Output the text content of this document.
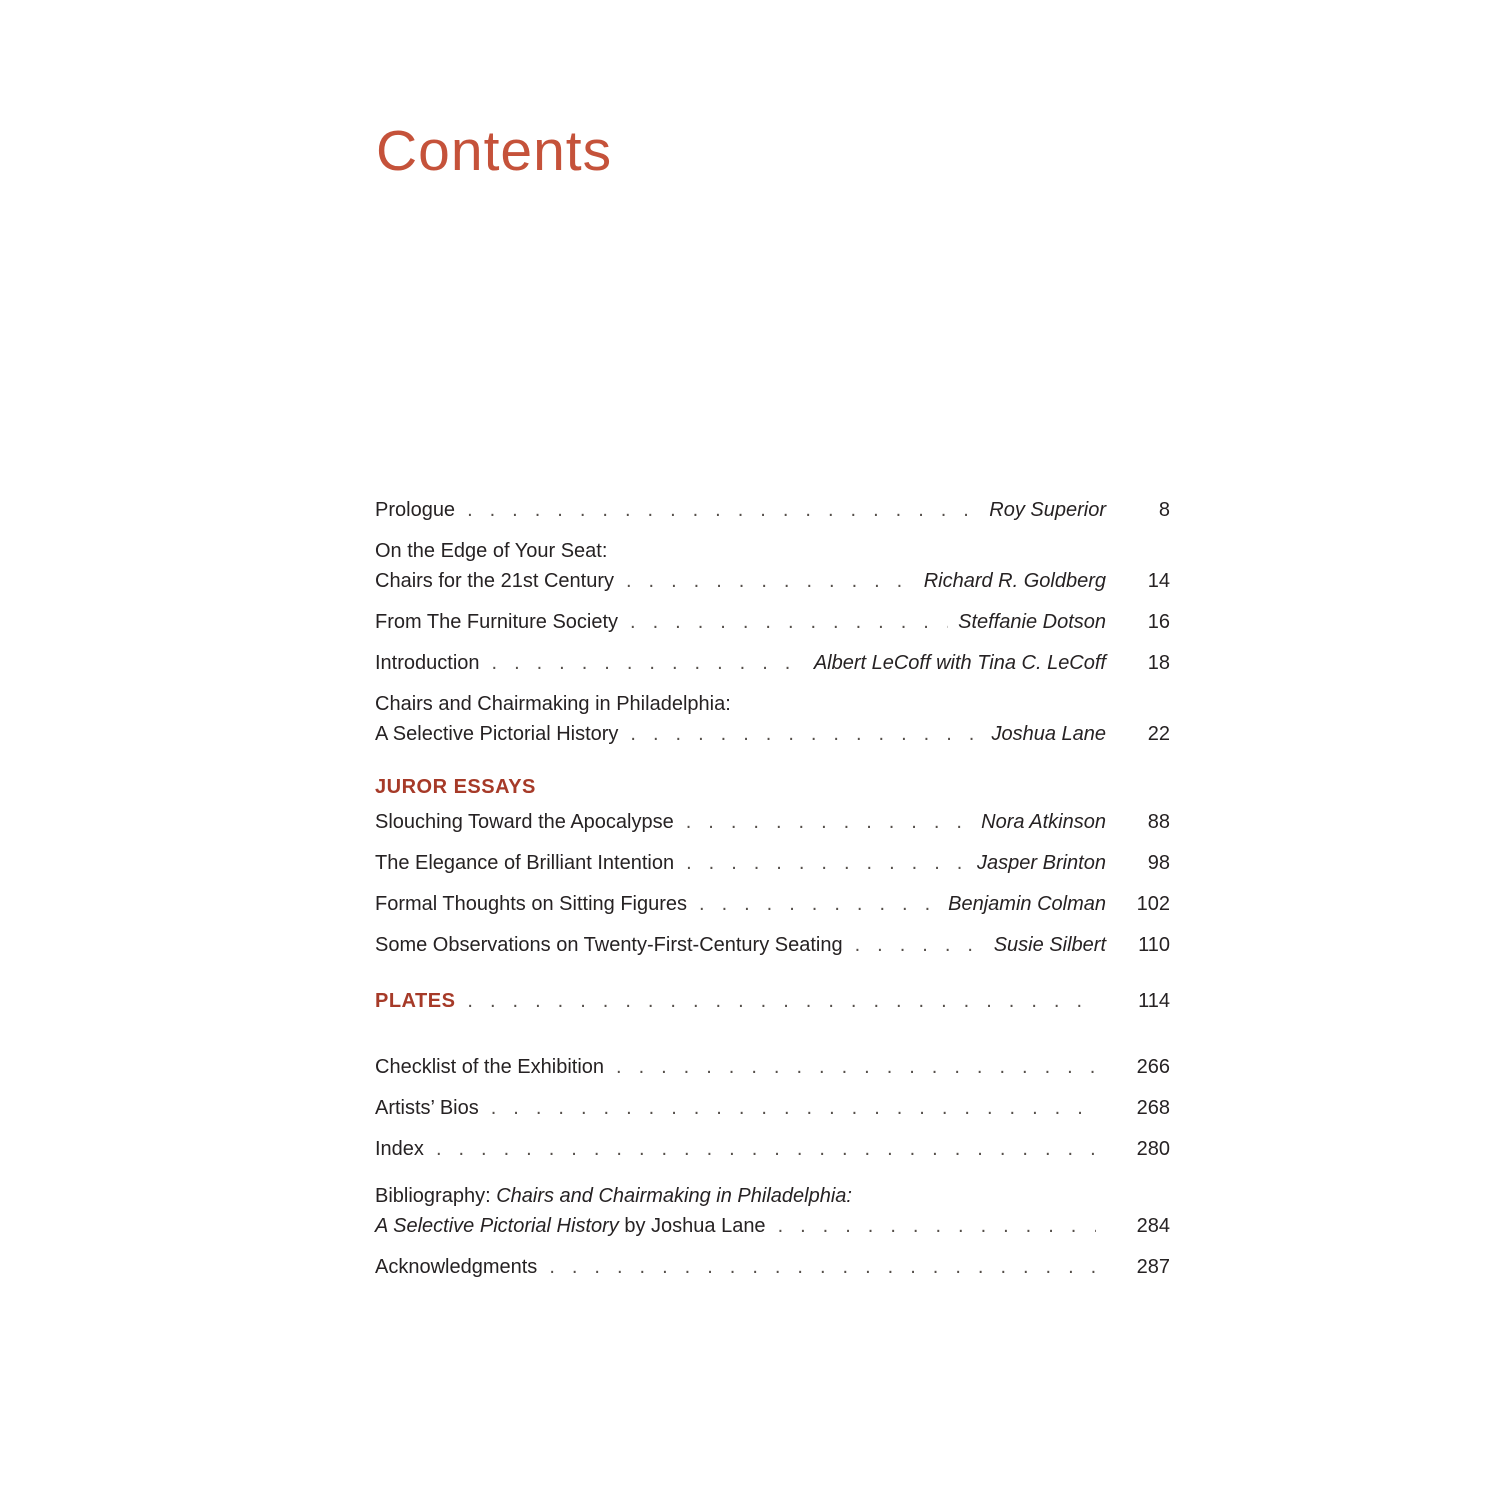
Contents
Prologue .....	Roy Superior	8
On the Edge of Your Seat:
Chairs for the 21st Century .....	Richard R. Goldberg	14
From The Furniture Society .....	Steffanie Dotson	16
Introduction .....	Albert LeCoff with Tina C. LeCoff	18
Chairs and Chairmaking in Philadelphia:
A Selective Pictorial History .....	Joshua Lane	22
JUROR ESSAYS
Slouching Toward the Apocalypse .....	Nora Atkinson	88
The Elegance of Brilliant Intention .....	Jasper Brinton	98
Formal Thoughts on Sitting Figures .....	Benjamin Colman	102
Some Observations on Twenty-First-Century Seating .....	Susie Silbert	110
PLATES .....	114
Checklist of the Exhibition .....	266
Artists’ Bios .....	268
Index .....	280
Bibliography: Chairs and Chairmaking in Philadelphia:
A Selective Pictorial History by Joshua Lane .....	284
Acknowledgments .....	287
